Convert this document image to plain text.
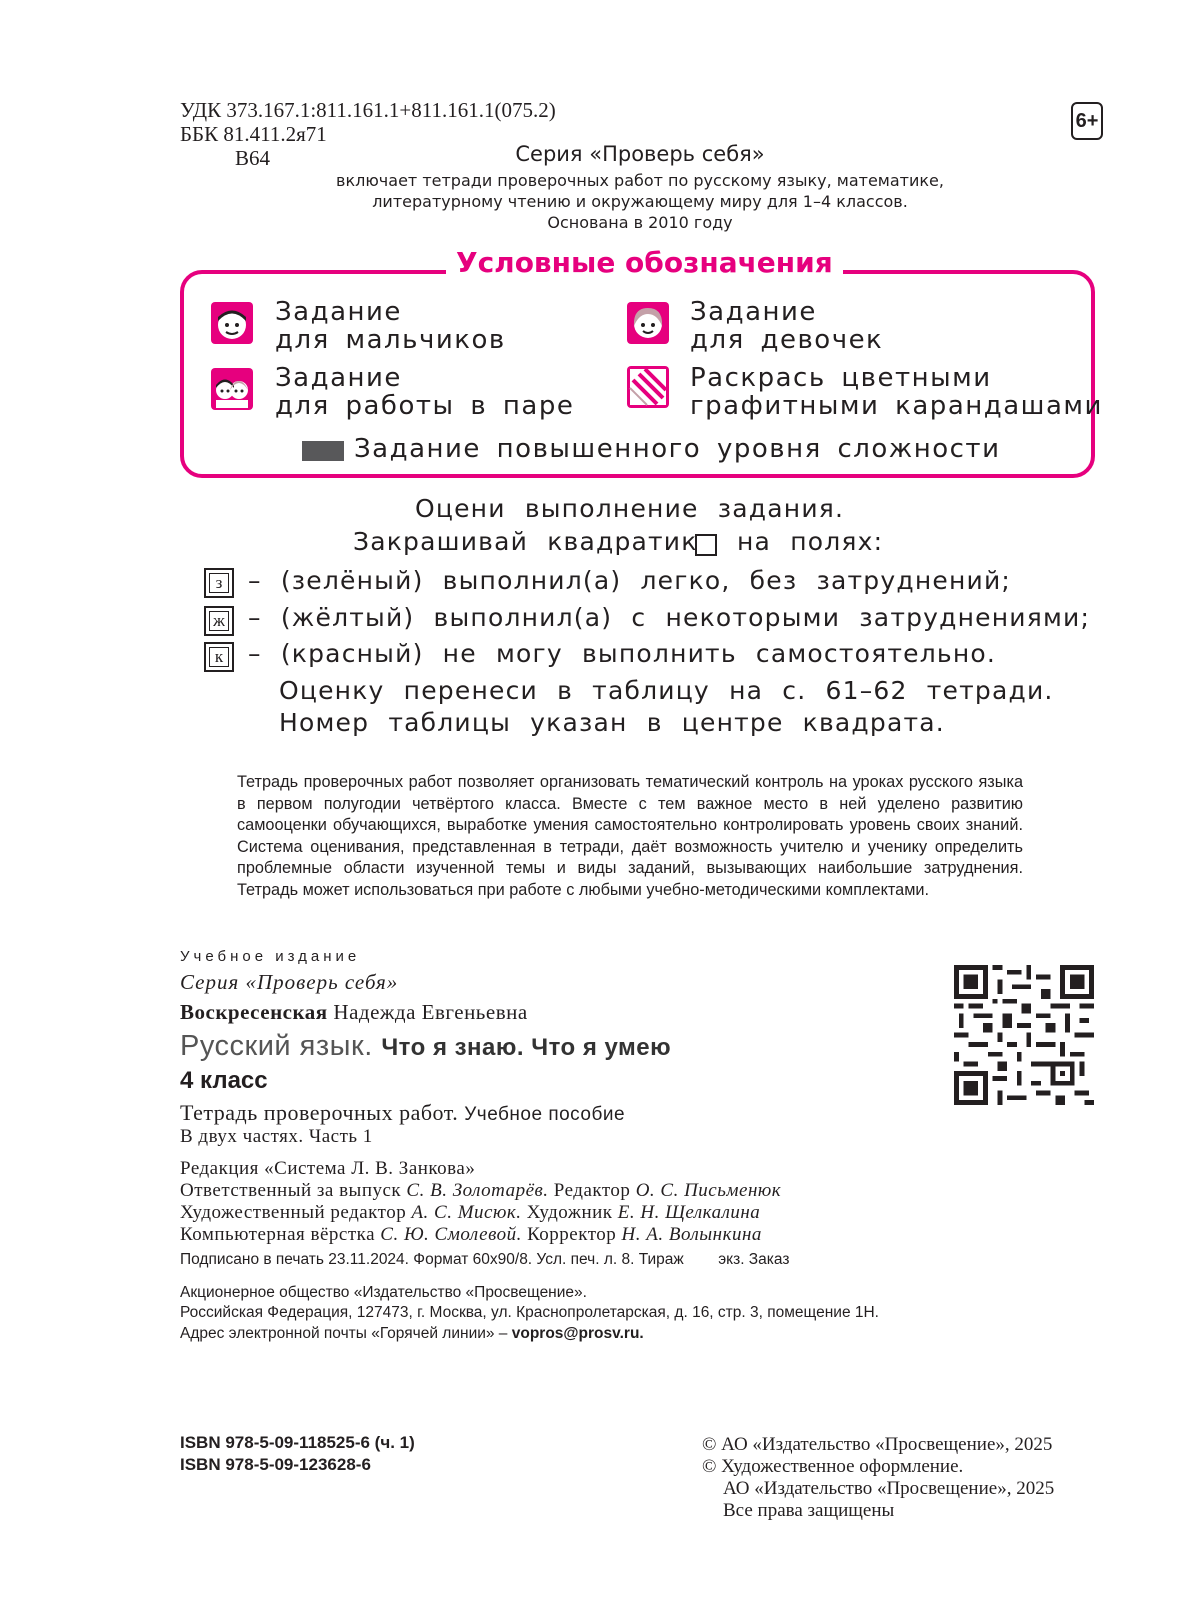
УДК 373.167.1:811.161.1+811.161.1(075.2)
ББК 81.411.2я71
В64
6+
Серия «Проверь себя»
включает тетради проверочных работ по русскому языку, математике,
литературному чтению и окружающему миру для 1–4 классов.
Основана в 2010 году
Условные обозначения
Задание
для мальчиков
Задание
для девочек
Задание
для работы в паре
Раскрась цветными
графитными карандашами
Задание повышенного уровня сложности
Оцени выполнение задания.
Закрашивай квадратик на полях:
з – (зелёный) выполнил(а) легко, без затруднений;
ж – (жёлтый) выполнил(а) с некоторыми затруднениями;
к – (красный) не могу выполнить самостоятельно.
Оценку перенеси в таблицу на с. 61–62 тетради.
Номер таблицы указан в центре квадрата.
Тетрадь проверочных работ позволяет организовать тематический контроль на уроках русского языка в первом полугодии четвёртого класса. Вместе с тем важное место в ней уделено развитию самооценки обучающихся, выработке умения самостоятельно контролировать уровень своих знаний. Система оценивания, представленная в тетради, даёт возможность учителю и ученику определить проблемные области изученной темы и виды заданий, вызывающих наибольшие затруднения. Тетрадь может использоваться при работе с любыми учебно-методическими комплектами.
Учебное издание
Серия «Проверь себя»
Воскресенская Надежда Евгеньевна
Русский язык. Что я знаю. Что я умею
4 класс
Тетрадь проверочных работ. Учебное пособие
В двух частях. Часть 1
Редакция «Система Л. В. Занкова»
Ответственный за выпуск С. В. Золотарёв. Редактор О. С. Письменюк
Художественный редактор А. С. Мисюк. Художник Е. Н. Щелкалина
Компьютерная вёрстка С. Ю. Смолевой. Корректор Н. А. Волынкина
Подписано в печать 23.11.2024. Формат 60х90/8. Усл. печ. л. 8. Тираж        экз. Заказ
Акционерное общество «Издательство «Просвещение».
Российская Федерация, 127473, г. Москва, ул. Краснопролетарская, д. 16, стр. 3, помещение 1Н.
Адрес электронной почты «Горячей линии» – vopros@prosv.ru.
ISBN 978-5-09-118525-6 (ч. 1)
ISBN 978-5-09-123628-6
© АО «Издательство «Просвещение», 2025
© Художественное оформление.
АО «Издательство «Просвещение», 2025
Все права защищены
